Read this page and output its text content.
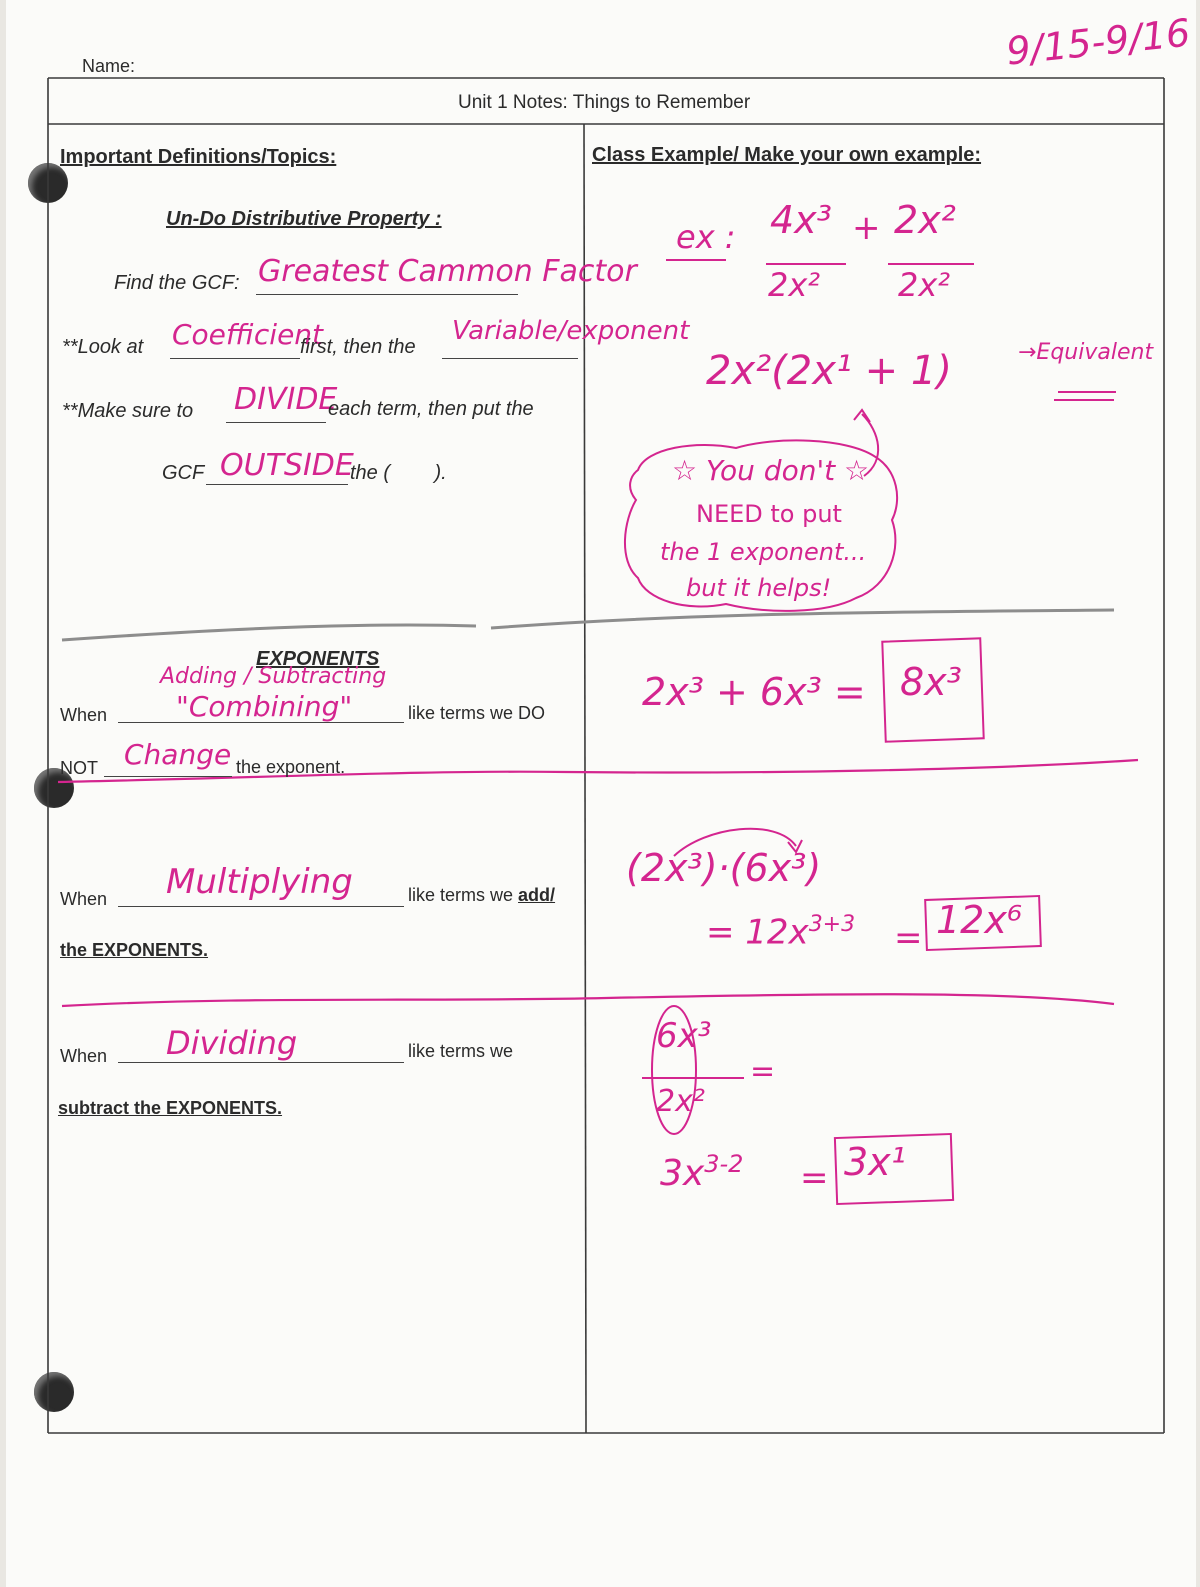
Name:	9/15-9/16
Unit 1 Notes: Things to Remember
Important Definitions/Topics:	Class Example/ Make your own example:
Un-Do Distributive Property :
Find the GCF: Greatest Cammon Factor
**Look at Coefficient
first, then the
Variable/exponent
**Make sure to DIVIDE
each term, then put the
GCF OUTSIDE
the (        ).
ex : 4x³ + 2x²
2x² 2x²
2x²(2x¹ + 1)	→Equivalent
☆ You don't ☆
NEED to put
the 1 exponent...
but it helps!
EXPONENTS
Adding / Subtracting
When "Combining"	like terms we DO
NOT Change the exponent.
When Multiplying	like terms we add/
the EXPONENTS.
When Dividing	like terms we
subtract the EXPONENTS.
2x³ + 6x³ = 8x³
(2x³)·(6x³)
= $12x^{3+3} = 12x^6$
6x³
2x²
=
$3x^{3-2} = 3x^1$
